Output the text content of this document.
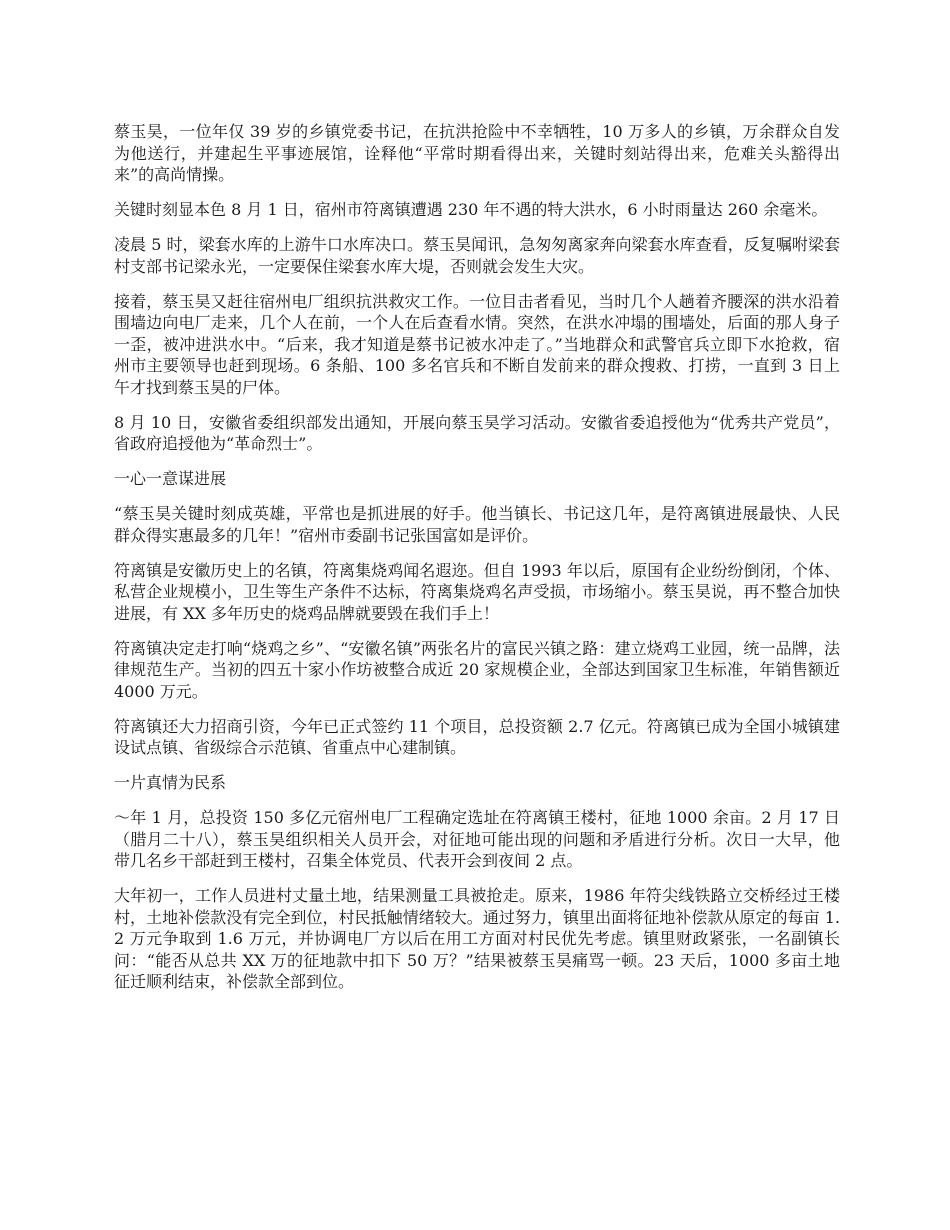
蔡玉昊，一位年仅 39 岁的乡镇党委书记，在抗洪抢险中不幸牺牲，10 万多人的乡镇，万余群众自发为他送行，并建起生平事迹展馆，诠释他“平常时期看得出来，关键时刻站得出来，危难关头豁得出来”的高尚情操。

关键时刻显本色 8 月 1 日，宿州市符离镇遭遇 230 年不遇的特大洪水，6 小时雨量达 260 余毫米。

凌晨 5 时，梁套水库的上游牛口水库决口。蔡玉昊闻讯，急匆匆离家奔向梁套水库查看，反复嘱咐梁套村支部书记梁永光，一定要保住梁套水库大堤，否则就会发生大灾。

接着，蔡玉昊又赶往宿州电厂组织抗洪救灾工作。一位目击者看见，当时几个人趟着齐腰深的洪水沿着围墙边向电厂走来，几个人在前，一个人在后查看水情。突然，在洪水冲塌的围墙处，后面的那人身子一歪，被冲进洪水中。“后来，我才知道是蔡书记被水冲走了。”当地群众和武警官兵立即下水抢救，宿州市主要领导也赶到现场。6 条船、100 多名官兵和不断自发前来的群众搜救、打捞，一直到 3 日上午才找到蔡玉昊的尸体。

8 月 10 日，安徽省委组织部发出通知，开展向蔡玉昊学习活动。安徽省委追授他为“优秀共产党员”，省政府追授他为“革命烈士”。

一心一意谋进展

“蔡玉昊关键时刻成英雄，平常也是抓进展的好手。他当镇长、书记这几年，是符离镇进展最快、人民群众得实惠最多的几年！”宿州市委副书记张国富如是评价。

符离镇是安徽历史上的名镇，符离集烧鸡闻名遐迩。但自 1993 年以后，原国有企业纷纷倒闭，个体、私营企业规模小，卫生等生产条件不达标，符离集烧鸡名声受损，市场缩小。蔡玉昊说，再不整合加快进展，有 XX 多年历史的烧鸡品牌就要毁在我们手上！

符离镇决定走打响“烧鸡之乡”、“安徽名镇”两张名片的富民兴镇之路：建立烧鸡工业园，统一品牌，法律规范生产。当初的四五十家小作坊被整合成近 20 家规模企业，全部达到国家卫生标准，年销售额近 4000 万元。

符离镇还大力招商引资，今年已正式签约 11 个项目，总投资额 2.7 亿元。符离镇已成为全国小城镇建设试点镇、省级综合示范镇、省重点中心建制镇。

一片真情为民系

～年 1 月，总投资 150 多亿元宿州电厂工程确定选址在符离镇王楼村，征地 1000 余亩。2 月 17 日（腊月二十八），蔡玉昊组织相关人员开会，对征地可能出现的问题和矛盾进行分析。次日一大早，他带几名乡干部赶到王楼村，召集全体党员、代表开会到夜间 2 点。

大年初一，工作人员进村丈量土地，结果测量工具被抢走。原来，1986 年符尖线铁路立交桥经过王楼村，土地补偿款没有完全到位，村民抵触情绪较大。通过努力，镇里出面将征地补偿款从原定的每亩 1.2 万元争取到 1.6 万元，并协调电厂方以后在用工方面对村民优先考虑。镇里财政紧张，一名副镇长问：“能否从总共 XX 万的征地款中扣下 50 万？”结果被蔡玉昊痛骂一顿。23 天后，1000 多亩土地征迁顺利结束，补偿款全部到位。
